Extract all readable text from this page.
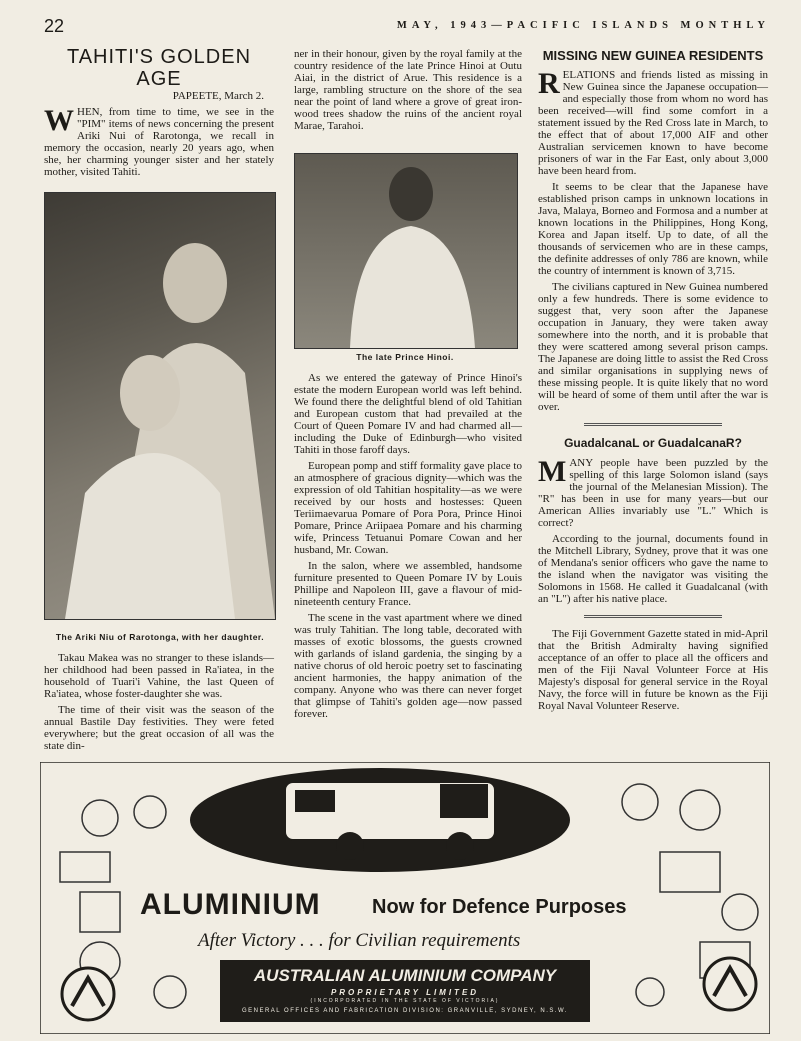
22	MAY, 1943—PACIFIC ISLANDS MONTHLY
TAHITI'S GOLDEN AGE

PAPEETE, March 2.

WHEN, from time to time, we see in the "PIM" items of news concerning the present Ariki Nui of Rarotonga, we recall in memory the occasion, nearly 20 years ago, when she, her charming younger sister and her stately mother, visited Tahiti.

The Ariki Niu of Rarotonga, with her daughter.

Takau Makea was no stranger to these islands—her childhood had been passed in Ra'iatea, in the household of Tuari'i Vahine, the last Queen of Ra'iatea, whose foster-daughter she was.

The time of their visit was the season of the annual Bastile Day festivities. They were feted everywhere; but the great occasion of all was the state din-

ner in their honour, given by the royal family at the country residence of the late Prince Hinoi at Outu Aiai, in the district of Arue. This residence is a large, rambling structure on the shore of the sea near the point of land where a grove of great iron-wood trees shadow the ruins of the ancient royal Marae, Tarahoi.

The late Prince Hinoi.

As we entered the gateway of Prince Hinoi's estate the modern European world was left behind. We found there the delightful blend of old Tahitian and European custom that had prevailed at the Court of Queen Pomare IV and had charmed all—including the Duke of Edinburgh—who visited Tahiti in those faroff days.

European pomp and stiff formality gave place to an atmosphere of gracious dignity—which was the expression of old Tahitian hospitality—as we were received by our hosts and hostesses: Queen Teriimaevarua Pomare of Pora Pora, Prince Hinoi Pomare, Prince Ariipaea Pomare and his charming wife, Princess Tetuanui Pomare Cowan and her husband, Mr. Cowan.

In the salon, where we assembled, handsome furniture presented to Queen Pomare IV by Louis Phillipe and Napoleon III, gave a flavour of mid-nineteenth century France.

The scene in the vast apartment where we dined was truly Tahitian. The long table, decorated with masses of exotic blossoms, the guests crowned with garlands of island gardenia, the singing by a native chorus of old heroic poetry set to fascinating ancient harmonies, the happy animation of the company. Anyone who was there can never forget that glimpse of Tahiti's golden age—now passed forever.

MISSING NEW GUINEA RESIDENTS

RELATIONS and friends listed as missing in New Guinea since the Japanese occupation—and especially those from whom no word has been received—will find some comfort in a statement issued by the Red Cross late in March, to the effect that of about 17,000 AIF and other Australian servicemen known to have become prisoners of war in the Far East, only about 3,000 have been heard from.

It seems to be clear that the Japanese have established prison camps in unknown locations in Java, Malaya, Borneo and Formosa and a number at known locations in the Philippines, Hong Kong, Korea and Japan itself. Up to date, of all the thousands of servicemen who are in these camps, the definite addresses of only 786 are known, while the country of internment is known of 3,715.

The civilians captured in New Guinea numbered only a few hundreds. There is some evidence to suggest that, very soon after the Japanese occupation in January, they were taken away somewhere into the north, and it is probable that they were scattered among several prison camps. The Japanese are doing little to assist the Red Cross and similar organisations in supplying news of these missing people. It is quite likely that no word will be heard of some of them until after the war is over.

GuadalcanaL or GuadalcanaR?

MANY people have been puzzled by the spelling of this large Solomon island (says the journal of the Melanesian Mission). The "R" has been in use for many years—but our American Allies invariably use "L." Which is correct?

According to the journal, documents found in the Mitchell Library, Sydney, prove that it was one of Mendana's senior officers who gave the name to the island when the navigator was visiting the Solomons in 1568. He called it Guadalcanal (with an "L") after his native place.

The Fiji Government Gazette stated in mid-April that the British Admiralty having signified acceptance of an offer to place all the officers and men of the Fiji Naval Volunteer Force at His Majesty's disposal for general service in the Royal Navy, the force will in future be known as the Fiji Royal Naval Volunteer Reserve.

ALUMINIUM	Now for Defence Purposes
After Victory . . . for Civilian requirements
AUSTRALIAN ALUMINIUM COMPANY
PROPRIETARY LIMITED
(INCORPORATED IN THE STATE OF VICTORIA)
GENERAL OFFICES AND FABRICATION DIVISION: GRANVILLE, SYDNEY, N.S.W.
